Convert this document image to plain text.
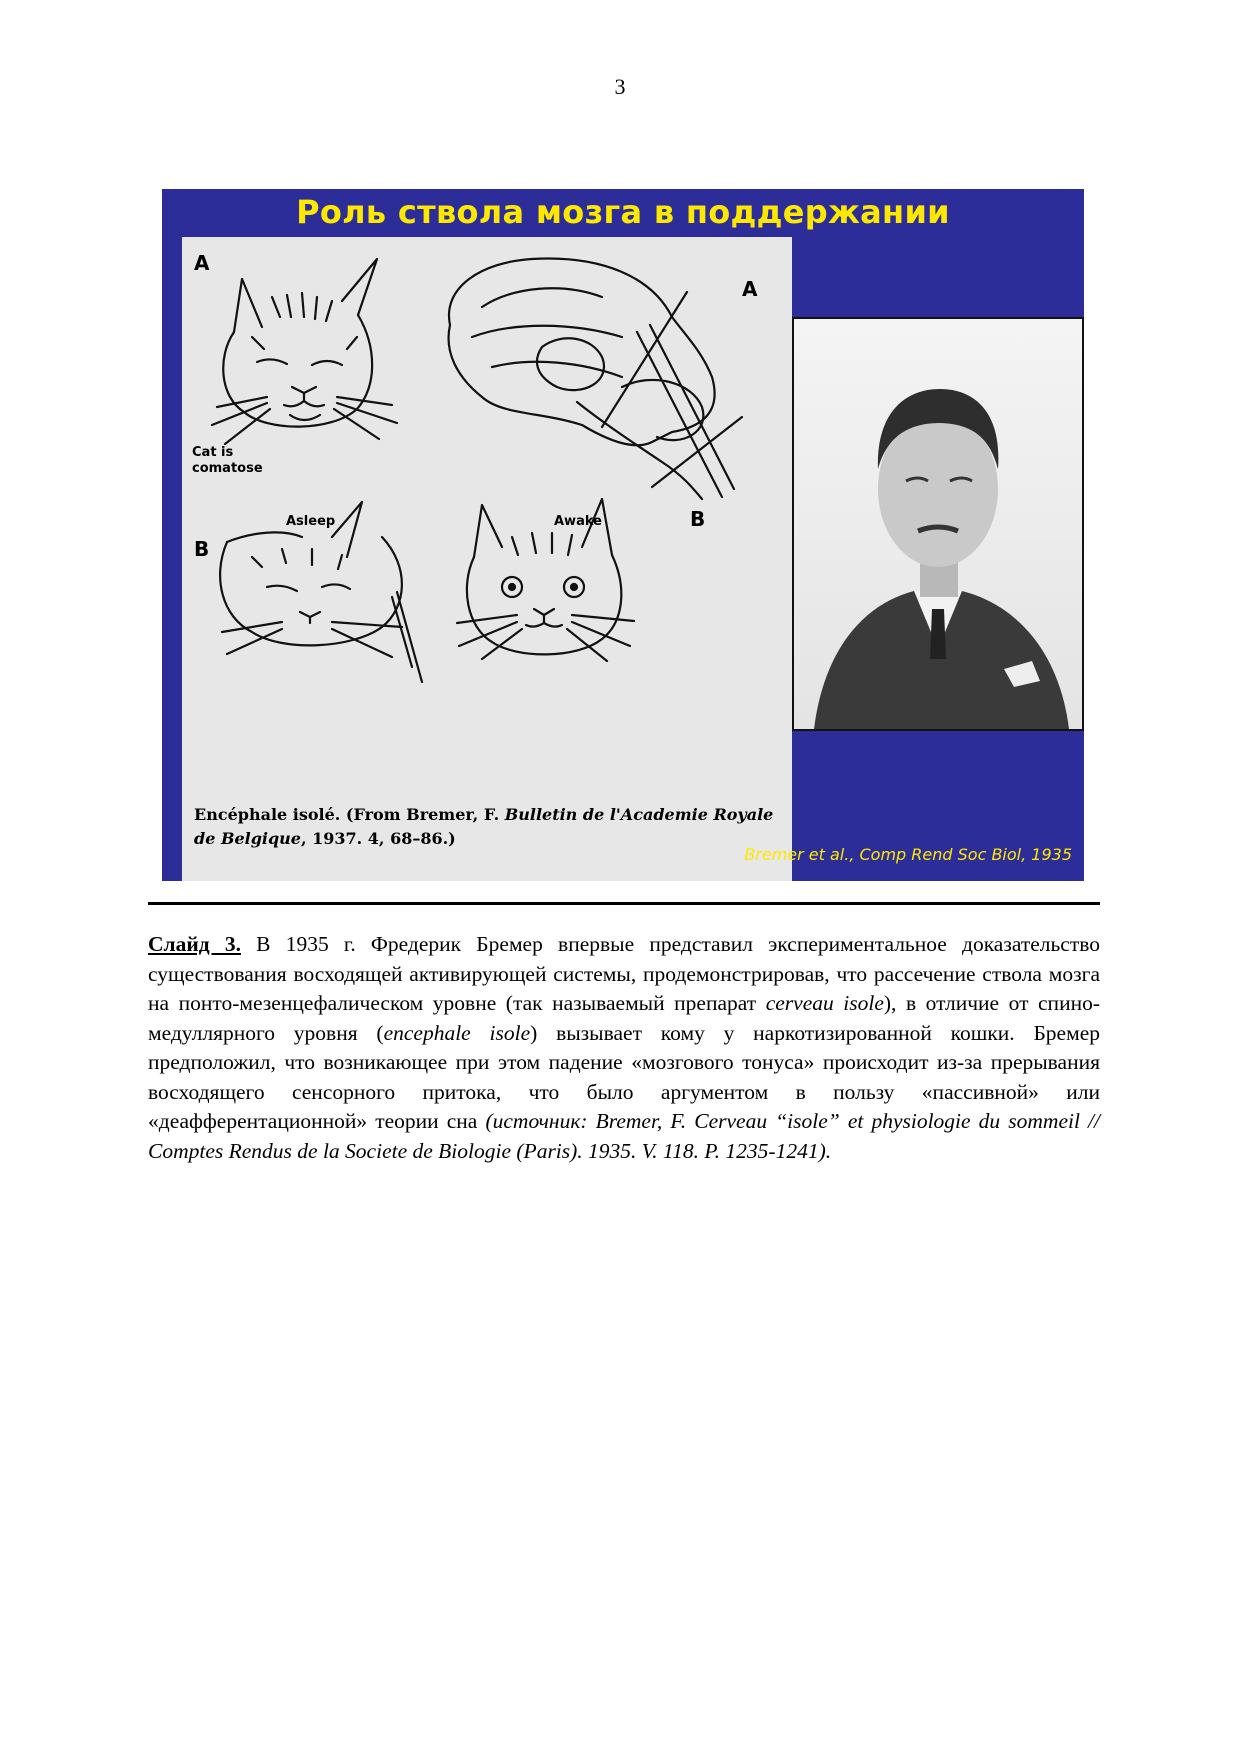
3
Роль ствола мозга в поддержании
A
A
B
B
Cat is
comatose
Asleep	Awake
Encéphale isolé. (From Bremer, F. Bulletin de l'Academie Royale de Belgique, 1937. 4, 68–86.)
Bremer et al., Comp Rend Soc Biol, 1935
Слайд 3. В 1935 г. Фредерик Бремер впервые представил экспериментальное доказательство существования восходящей активирующей системы, продемонстрировав, что рассечение ствола мозга на понто-мезенцефалическом уровне (так называемый препарат cerveau isole), в отличие от спино-медуллярного уровня (encephale isole) вызывает кому у наркотизированной кошки. Бремер предположил, что возникающее при этом падение «мозгового тонуса» происходит из-за прерывания восходящего сенсорного притока, что было аргументом в пользу «пассивной» или «деафферентационной» теории сна (источник: Bremer, F. Cerveau “isole” et physiologie du sommeil // Comptes Rendus de la Societe de Biologie (Paris). 1935. V. 118. P. 1235-1241).
